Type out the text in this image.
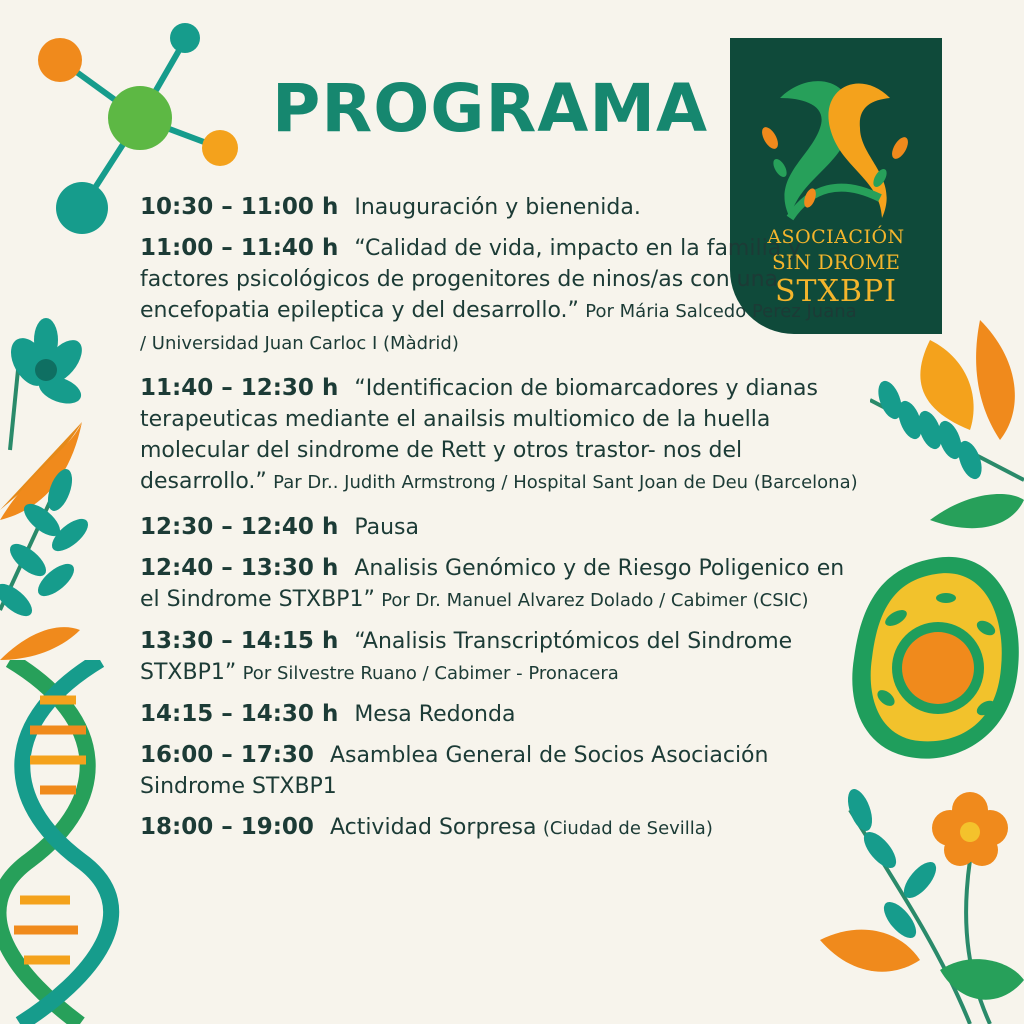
PROGRAMA
ASOCIACIÓN
SIN DROME
STXBPI

10:30 – 11:00 h Inauguración y bienenida.

11:00 – 11:40 h “Calidad de vida, impacto en la familia y factores psicológicos de progenitores de ninos/as con una encefopatia epileptica y del desarrollo.” Por Mária Salcedo Perez Juana / Universidad Juan Carloc I (Màdrid)

11:40 – 12:30 h “Identificacion de biomarcadores y dianas terapeuticas mediante el anailsis multiomico de la huella molecular del sindrome de Rett y otros trastor- nos del desarrollo.” Par Dr.. Judith Armstrong / Hospital Sant Joan de Deu (Barcelona)

12:30 – 12:40 h Pausa

12:40 – 13:30 h Analisis Genómico y de Riesgo Poligenico en el Sindrome STXBP1” Por Dr. Manuel Alvarez Dolado / Cabimer (CSIC)

13:30 – 14:15 h “Analisis Transcriptómicos del Sindrome STXBP1” Por Silvestre Ruano / Cabimer - Pronacera

14:15 – 14:30 h Mesa Redonda

16:00 – 17:30 Asamblea General de Socios Asociación Sindrome STXBP1

18:00 – 19:00 Actividad Sorpresa (Ciudad de Sevilla)
